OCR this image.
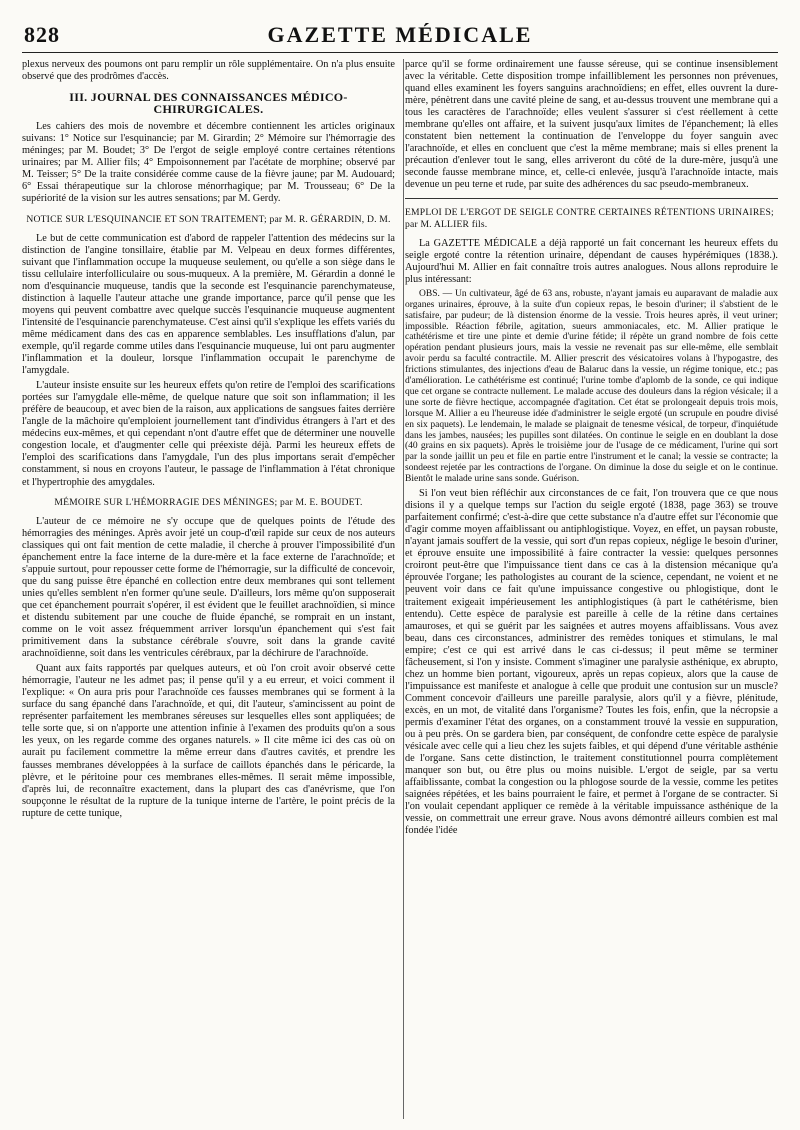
828	GAZETTE MÉDICALE

plexus nerveux des poumons ont paru remplir un rôle supplémentaire. On n'a plus ensuite observé que des prodrômes d'accès.

III. JOURNAL DES CONNAISSANCES MÉDICO-CHIRURGICALES.

Les cahiers des mois de novembre et décembre contiennent les articles originaux suivans: 1° Notice sur l'esquinancie; par M. Girardin; 2° Mémoire sur l'hémorragie des méninges; par M. Boudet; 3° De l'ergot de seigle employé contre certaines rétentions urinaires; par M. Allier fils; 4° Empoisonnement par l'acétate de morphine; observé par M. Teisser; 5° De la traite considérée comme cause de la fièvre jaune; par M. Audouard; 6° Essai thérapeutique sur la chlorose ménorrhagique; par M. Trousseau; 6° De la supériorité de la vision sur les autres sensations; par M. Gerdy.

NOTICE SUR L'ESQUINANCIE ET SON TRAITEMENT; par M. R. GÉRARDIN, D. M.

Le but de cette communication est d'abord de rappeler l'attention des médecins sur la distinction de l'angine tonsillaire, établie par M. Velpeau en deux formes différentes, suivant que l'inflammation occupe la muqueuse seulement, ou qu'elle a son siège dans le tissu cellulaire interfolliculaire ou sous-muqueux. A la première, M. Gérardin a donné le nom d'esquinancie muqueuse, tandis que la seconde est l'esquinancie parenchymateuse, distinction à laquelle l'auteur attache une grande importance, parce qu'il pense que les moyens qui peuvent combattre avec quelque succès l'esquinancie muqueuse augmentent l'intensité de l'esquinancie parenchymateuse. C'est ainsi qu'il s'explique les effets variés du même médicament dans des cas en apparence semblables. Les insufflations d'alun, par exemple, qu'il regarde comme utiles dans l'esquinancie muqueuse, lui ont paru augmenter l'inflammation et la douleur, lorsque l'inflammation occupait le parenchyme de l'amygdale.

L'auteur insiste ensuite sur les heureux effets qu'on retire de l'emploi des scarifications portées sur l'amygdale elle-même, de quelque nature que soit son inflammation; il les préfère de beaucoup, et avec bien de la raison, aux applications de sangsues faites derrière l'angle de la mâchoire qu'emploient journellement tant d'individus étrangers à l'art et des médecins eux-mêmes, et qui cependant n'ont d'autre effet que de déterminer une nouvelle congestion locale, et d'augmenter celle qui préexiste déjà. Parmi les heureux effets de l'emploi des scarifications dans l'amygdale, l'un des plus importans serait d'empêcher constamment, si nous en croyons l'auteur, le passage de l'inflammation à l'état chronique et l'hypertrophie des amygdales.

MÉMOIRE SUR L'HÉMORRAGIE DES MÉNINGES; par M. E. BOUDET.

L'auteur de ce mémoire ne s'y occupe que de quelques points de l'étude des hémorragies des méninges. Après avoir jeté un coup-d'œil rapide sur ceux de nos auteurs classiques qui ont fait mention de cette maladie, il cherche à prouver l'impossibilité d'un épanchement entre la face interne de la dure-mère et la face externe de l'arachnoïde; et s'appuie surtout, pour repousser cette forme de l'hémorragie, sur la difficulté de concevoir, que du sang puisse être épanché en collection entre deux membranes qui sont tellement unies qu'elles semblent n'en former qu'une seule. D'ailleurs, lors même qu'on supposerait que cet épanchement pourrait s'opérer, il est évident que le feuillet arachnoïdien, si mince et distendu subitement par une couche de fluide épanché, se romprait en un instant, comme on le voit assez fréquemment arriver lorsqu'un épanchement qui s'est fait primitivement dans la substance cérébrale s'ouvre, soit dans la grande cavité arachnoïdienne, soit dans les ventricules cérébraux, par la déchirure de l'arachnoïde.

Quant aux faits rapportés par quelques auteurs, et où l'on croit avoir observé cette hémorragie, l'auteur ne les admet pas; il pense qu'il y a eu erreur, et voici comment il l'explique: « On aura pris pour l'arachnoïde ces fausses membranes qui se forment à la surface du sang épanché dans l'arachnoïde, et qui, dit l'auteur, s'amincissent au point de représenter parfaitement les membranes séreuses sur lesquelles elles sont appliquées; de telle sorte que, si on n'apporte une attention infinie à l'examen des produits qu'on a sous les yeux, on les regarde comme des organes naturels. » Il cite même ici des cas où on aurait pu facilement commettre la même erreur dans d'autres cavités, et prendre les fausses membranes développées à la surface de caillots épanchés dans le péricarde, la plèvre, et le péritoine pour ces membranes elles-mêmes. Il serait même impossible, d'après lui, de reconnaître exactement, dans la plupart des cas d'anévrisme, que l'on soupçonne le résultat de la rupture de la tunique interne de l'artère, le point précis de la rupture de cette tunique,

parce qu'il se forme ordinairement une fausse séreuse, qui se continue insensiblement avec la véritable. Cette disposition trompe infailliblement les personnes non prévenues, quand elles examinent les foyers sanguins arachnoïdiens; en effet, elles ouvrent la dure-mère, pénètrent dans une cavité pleine de sang, et au-dessus trouvent une membrane qui a tous les caractères de l'arachnoïde; elles veulent s'assurer si c'est réellement à cette membrane qu'elles ont affaire, et la suivent jusqu'aux limites de l'épanchement; là elles constatent bien nettement la continuation de l'enveloppe du foyer sanguin avec l'arachnoïde, et elles en concluent que c'est la même membrane; mais si elles prenent la précaution d'enlever tout le sang, elles arriveront du côté de la dure-mère, jusqu'à une seconde fausse membrane mince, et, celle-ci enlevée, jusqu'à l'arachnoïde intacte, mais devenue un peu terne et rude, par suite des adhérences du sac pseudo-membraneux.

EMPLOI DE L'ERGOT DE SEIGLE CONTRE CERTAINES RÉTENTIONS URINAIRES; par M. ALLIER fils.

La GAZETTE MÉDICALE a déjà rapporté un fait concernant les heureux effets du seigle ergoté contre la rétention urinaire, dépendant de causes hypérémiques (1838.). Aujourd'hui M. Allier en fait connaître trois autres analogues. Nous allons reproduire le plus intéressant:

OBS. — Un cultivateur, âgé de 63 ans, robuste, n'ayant jamais eu auparavant de maladie aux organes urinaires, éprouve, à la suite d'un copieux repas, le besoin d'uriner; il s'abstient de le satisfaire, par pudeur; de là distension énorme de la vessie. Trois heures après, il veut uriner; impossible. Réaction fébrile, agitation, sueurs ammoniacales, etc. M. Allier pratique le cathétérisme et tire une pinte et demie d'urine fétide; il répète un grand nombre de fois cette opération pendant plusieurs jours, mais la vessie ne revenait pas sur elle-même, elle semblait avoir perdu sa faculté contractile. M. Allier prescrit des vésicatoires volans à l'hypogastre, des frictions stimulantes, des injections d'eau de Balaruc dans la vessie, un régime tonique, etc.; pas d'amélioration. Le cathétérisme est continué; l'urine tombe d'aplomb de la sonde, ce qui indique que cet organe se contracte nullement. Le malade accuse des douleurs dans la région vésicale; il a une sorte de fièvre hectique, accompagnée d'agitation. Cet état se prolongeait depuis trois mois, lorsque M. Allier a eu l'heureuse idée d'administrer le seigle ergoté (un scrupule en poudre divisé en six paquets). Le lendemain, le malade se plaignait de tenesme vésical, de torpeur, d'inquiétude dans les jambes, nausées; les pupilles sont dilatées. On continue le seigle en en doublant la dose (40 grains en six paquets). Après le troisième jour de l'usage de ce médicament, l'urine qui sort par la sonde jaillit un peu et file en partie entre l'instrument et le canal; la vessie se contracte; la sondeest rejetée par les contractions de l'organe. On diminue la dose du seigle et on le continue. Bientôt le malade urine sans sonde. Guérison.

Si l'on veut bien réfléchir aux circonstances de ce fait, l'on trouvera que ce que nous disions il y a quelque temps sur l'action du seigle ergoté (1838, page 363) se trouve parfaitement confirmé; c'est-à-dire que cette substance n'a d'autre effet sur l'économie que d'agir comme moyen affaiblissant ou antiphlogistique. Voyez, en effet, un paysan robuste, n'ayant jamais souffert de la vessie, qui sort d'un repas copieux, néglige le besoin d'uriner, et éprouve ensuite une impossibilité à faire contracter la vessie: quelques personnes croiront peut-être que l'impuissance tient dans ce cas à la distension mécanique qu'a éprouvée l'organe; les pathologistes au courant de la science, cependant, ne voient et ne peuvent voir dans ce fait qu'une impuissance congestive ou phlogistique, dont le traitement exigeait impérieusement les antiphlogistiques (à part le cathétérisme, bien entendu). Cette espèce de paralysie est pareille à celle de la rétine dans certaines amauroses, et qui se guérit par les saignées et autres moyens affaiblissans. Vous avez beau, dans ces circonstances, administrer des remèdes toniques et stimulans, le mal empire; c'est ce qui est arrivé dans le cas ci-dessus; il peut même se terminer fâcheusement, si l'on y insiste. Comment s'imaginer une paralysie asthénique, ex abrupto, chez un homme bien portant, vigoureux, après un repas copieux, alors que la cause de l'impuissance est manifeste et analogue à celle que produit une contusion sur un muscle? Comment concevoir d'ailleurs une pareille paralysie, alors qu'il y a fièvre, plénitude, excès, en un mot, de vitalité dans l'organisme? Toutes les fois, enfin, que la nécropsie a permis d'examiner l'état des organes, on a constamment trouvé la vessie en suppuration, ou à peu près. On se gardera bien, par conséquent, de confondre cette espèce de paralysie vésicale avec celle qui a lieu chez les sujets faibles, et qui dépend d'une véritable asthénie de l'organe. Sans cette distinction, le traitement constitutionnel pourra complètement manquer son but, ou être plus ou moins nuisible. L'ergot de seigle, par sa vertu affaiblissante, combat la congestion ou la phlogose sourde de la vessie, comme les petites saignées répétées, et les bains pourraient le faire, et permet à l'organe de se contracter. Si l'on voulait cependant appliquer ce remède à la véritable impuissance asthénique de la vessie, on commettrait une erreur grave. Nous avons démontré ailleurs combien est mal fondée l'idée
